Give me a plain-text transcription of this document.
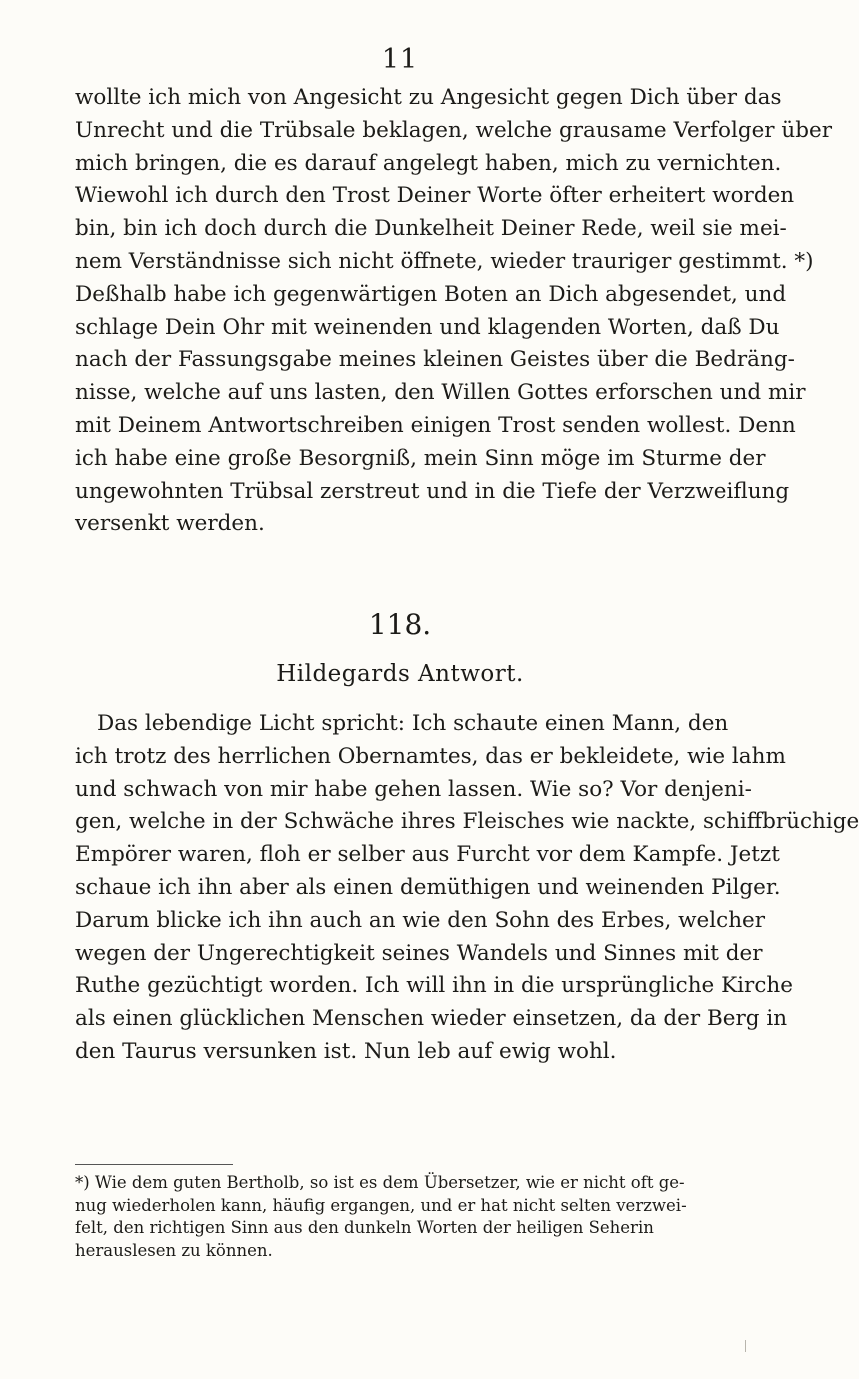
11
wollte ich mich von Angesicht zu Angesicht gegen Dich über das
Unrecht und die Trübsale beklagen, welche grausame Verfolger über
mich bringen, die es darauf angelegt haben, mich zu vernichten.
Wiewohl ich durch den Trost Deiner Worte öfter erheitert worden
bin, bin ich doch durch die Dunkelheit Deiner Rede, weil sie mei-
nem Verständnisse sich nicht öffnete, wieder trauriger gestimmt. *)
Deßhalb habe ich gegenwärtigen Boten an Dich abgesendet, und
schlage Dein Ohr mit weinenden und klagenden Worten, daß Du
nach der Fassungsgabe meines kleinen Geistes über die Bedräng-
nisse, welche auf uns lasten, den Willen Gottes erforschen und mir
mit Deinem Antwortschreiben einigen Trost senden wollest. Denn
ich habe eine große Besorgniß, mein Sinn möge im Sturme der
ungewohnten Trübsal zerstreut und in die Tiefe der Verzweiflung
versenkt werden.
118.
Hildegards Antwort.
Das lebendige Licht spricht: Ich schaute einen Mann, den
ich trotz des herrlichen Obernamtes, das er bekleidete, wie lahm
und schwach von mir habe gehen lassen. Wie so? Vor denjeni-
gen, welche in der Schwäche ihres Fleisches wie nackte, schiffbrüchige
Empörer waren, floh er selber aus Furcht vor dem Kampfe. Jetzt
schaue ich ihn aber als einen demüthigen und weinenden Pilger.
Darum blicke ich ihn auch an wie den Sohn des Erbes, welcher
wegen der Ungerechtigkeit seines Wandels und Sinnes mit der
Ruthe gezüchtigt worden. Ich will ihn in die ursprüngliche Kirche
als einen glücklichen Menschen wieder einsetzen, da der Berg in
den Taurus versunken ist. Nun leb auf ewig wohl.
*) Wie dem guten Bertholb, so ist es dem Übersetzer, wie er nicht oft ge-
nug wiederholen kann, häufig ergangen, und er hat nicht selten verzwei-
felt, den richtigen Sinn aus den dunkeln Worten der heiligen Seherin
herauslesen zu können.
